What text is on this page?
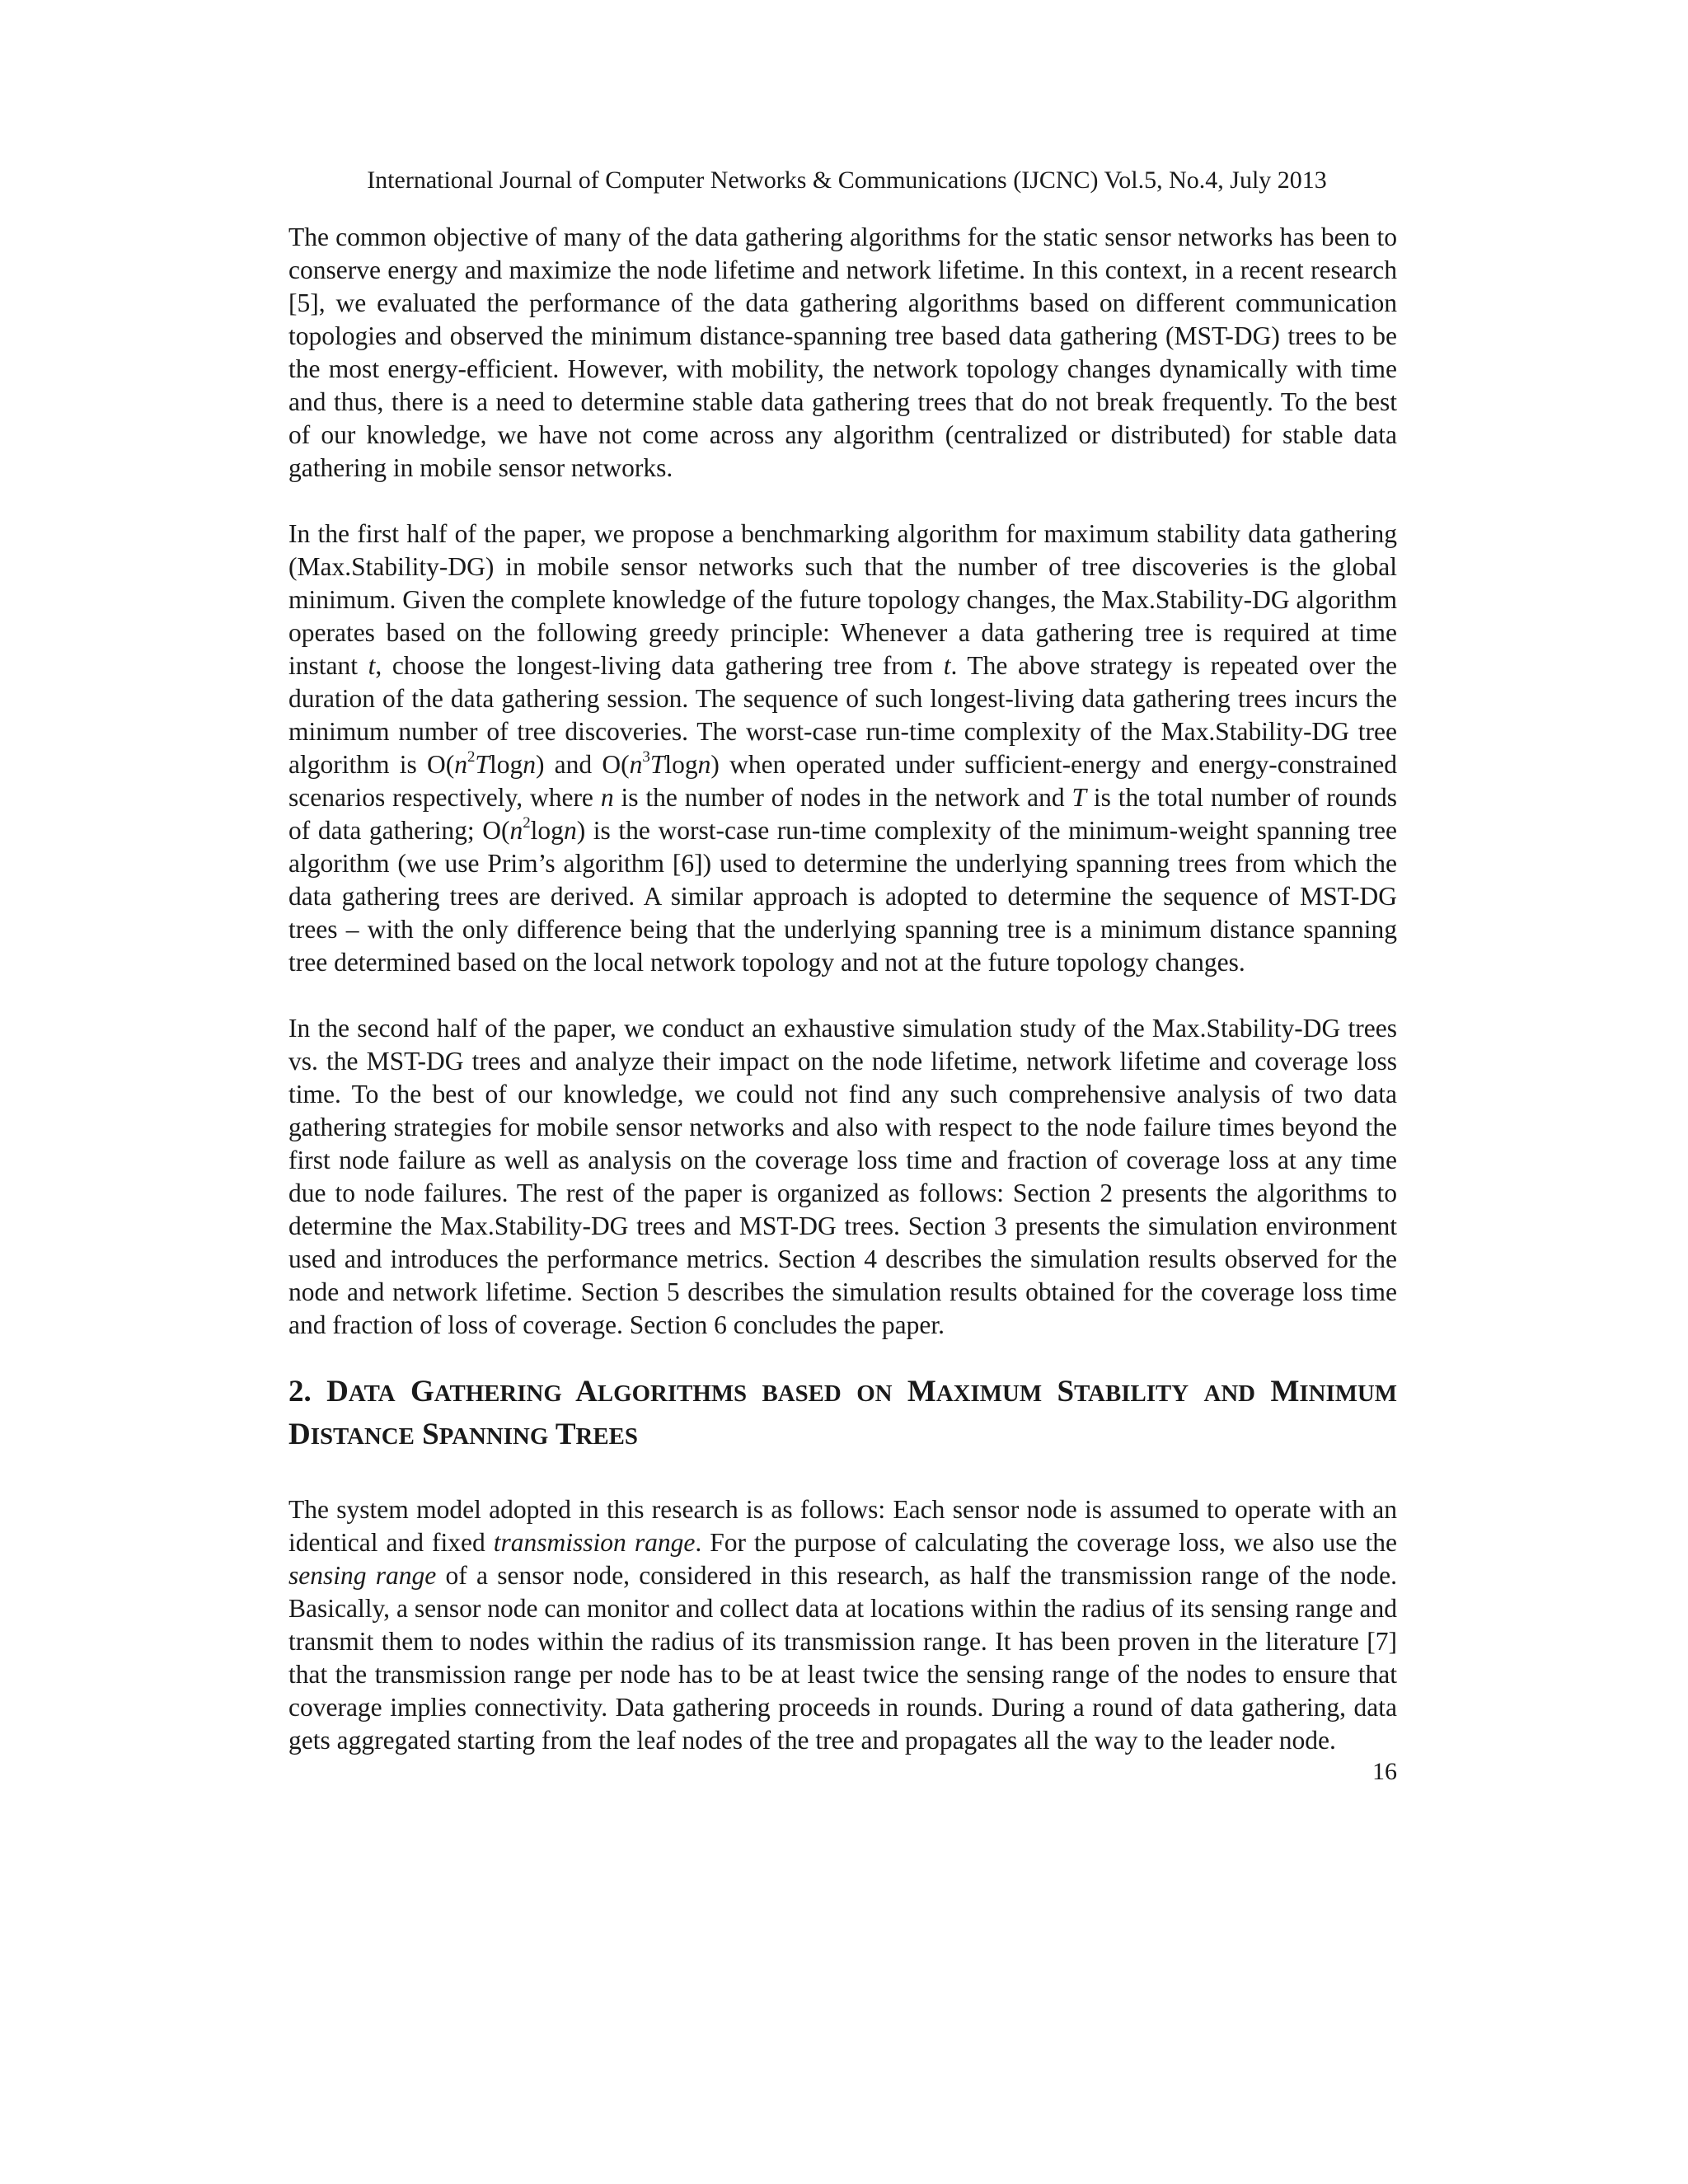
International Journal of Computer Networks & Communications (IJCNC) Vol.5, No.4, July 2013

The common objective of many of the data gathering algorithms for the static sensor networks has been to conserve energy and maximize the node lifetime and network lifetime. In this context, in a recent research [5], we evaluated the performance of the data gathering algorithms based on different communication topologies and observed the minimum distance-spanning tree based data gathering (MST-DG) trees to be the most energy-efficient. However, with mobility, the network topology changes dynamically with time and thus, there is a need to determine stable data gathering trees that do not break frequently. To the best of our knowledge, we have not come across any algorithm (centralized or distributed) for stable data gathering in mobile sensor networks.

In the first half of the paper, we propose a benchmarking algorithm for maximum stability data gathering (Max.Stability-DG) in mobile sensor networks such that the number of tree discoveries is the global minimum. Given the complete knowledge of the future topology changes, the Max.Stability-DG algorithm operates based on the following greedy principle: Whenever a data gathering tree is required at time instant t, choose the longest-living data gathering tree from t. The above strategy is repeated over the duration of the data gathering session. The sequence of such longest-living data gathering trees incurs the minimum number of tree discoveries. The worst-case run-time complexity of the Max.Stability-DG tree algorithm is $O(n^2Tlogn)$ and $O(n^3Tlogn)$ when operated under sufficient-energy and energy-constrained scenarios respectively, where n is the number of nodes in the network and T is the total number of rounds of data gathering; $O(n^2\log n)$ is the worst-case run-time complexity of the minimum-weight spanning tree algorithm (we use Prim’s algorithm [6]) used to determine the underlying spanning trees from which the data gathering trees are derived. A similar approach is adopted to determine the sequence of MST-DG trees – with the only difference being that the underlying spanning tree is a minimum distance spanning tree determined based on the local network topology and not at the future topology changes.

In the second half of the paper, we conduct an exhaustive simulation study of the Max.Stability-DG trees vs. the MST-DG trees and analyze their impact on the node lifetime, network lifetime and coverage loss time. To the best of our knowledge, we could not find any such comprehensive analysis of two data gathering strategies for mobile sensor networks and also with respect to the node failure times beyond the first node failure as well as analysis on the coverage loss time and fraction of coverage loss at any time due to node failures. The rest of the paper is organized as follows: Section 2 presents the algorithms to determine the Max.Stability-DG trees and MST-DG trees. Section 3 presents the simulation environment used and introduces the performance metrics. Section 4 describes the simulation results observed for the node and network lifetime. Section 5 describes the simulation results obtained for the coverage loss time and fraction of loss of coverage. Section 6 concludes the paper.

2. DATA GATHERING ALGORITHMS BASED ON MAXIMUM STABILITY AND MINIMUM DISTANCE SPANNING TREES

The system model adopted in this research is as follows: Each sensor node is assumed to operate with an identical and fixed transmission range. For the purpose of calculating the coverage loss, we also use the sensing range of a sensor node, considered in this research, as half the transmission range of the node. Basically, a sensor node can monitor and collect data at locations within the radius of its sensing range and transmit them to nodes within the radius of its transmission range. It has been proven in the literature [7] that the transmission range per node has to be at least twice the sensing range of the nodes to ensure that coverage implies connectivity. Data gathering proceeds in rounds. During a round of data gathering, data gets aggregated starting from the leaf nodes of the tree and propagates all the way to the leader node.

16
